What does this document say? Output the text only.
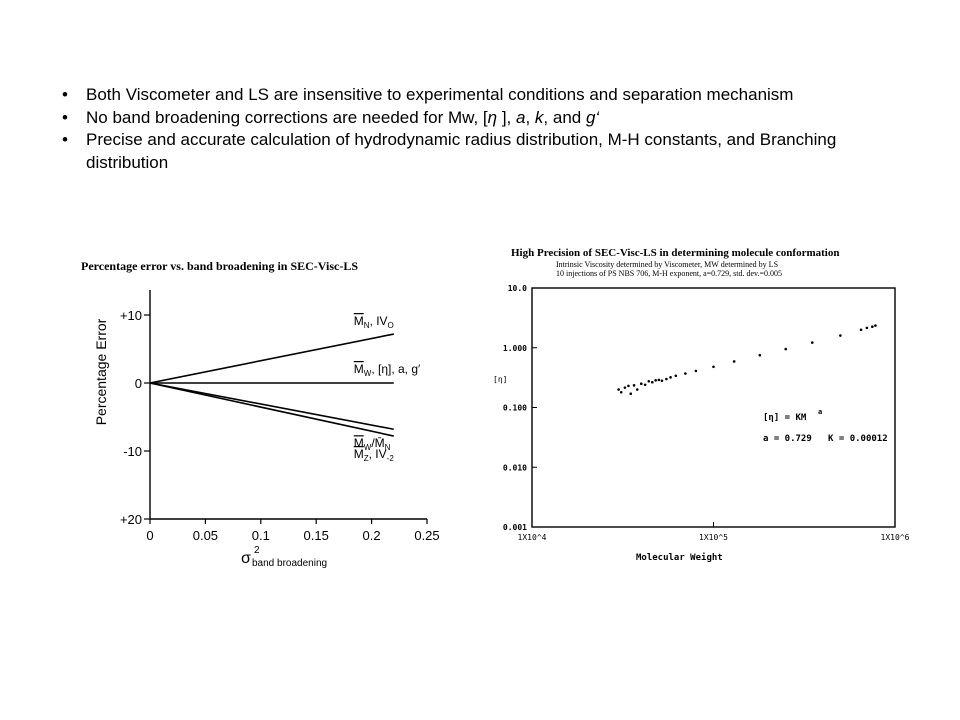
• Both Viscometer and LS are insensitive to experimental conditions and separation mechanism
• No band broadening corrections are needed for Mw, [η ], a, k, and g‘
• Precise and accurate calculation of hydrodynamic radius distribution, M-H constants, and Branching distribution
Percentage error vs. band broadening in SEC-Visc-LS
+10
0
-10
+20
0	0.05	0.1	0.15	0.2	0.25
$M_N$, $IV_O$
$M_W$, [η], a, g′
$M_W/M̄_N$
$M_Z$, $IV_{-2}$
Percentage Error
σ 2
band broadening
High Precision of SEC-Visc-LS in determining molecule conformation
Intrinsic Viscosity determined by Viscometer, MW determined by LS
10 injections of PS NBS 706, M-H exponent, a=0.729, std. dev.=0.005
10.0
1.000
0.100
0.010
0.001
1X10^4	1X10^5	1X10^6
[η]
Molecular Weight
[η] = KM
a
a = 0.729   K = 0.00012
